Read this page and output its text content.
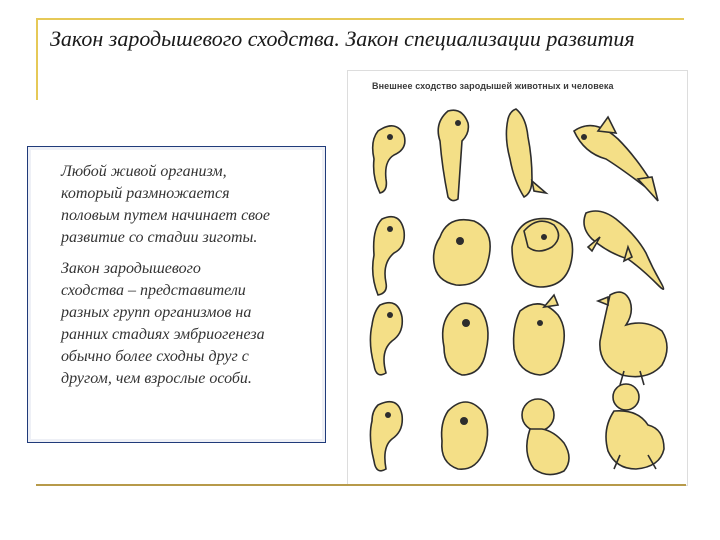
Закон зародышевого сходства. Закон специализации развития

Любой живой организм,
который размножается
половым путем начинает свое
развитие со стадии зиготы.

Закон зародышевого
сходства – представители
разных групп организмов на
ранних стадиях эмбриогенеза
обычно более сходны друг с
другом, чем взрослые особи.

Внешнее сходство зародышей животных и человека
